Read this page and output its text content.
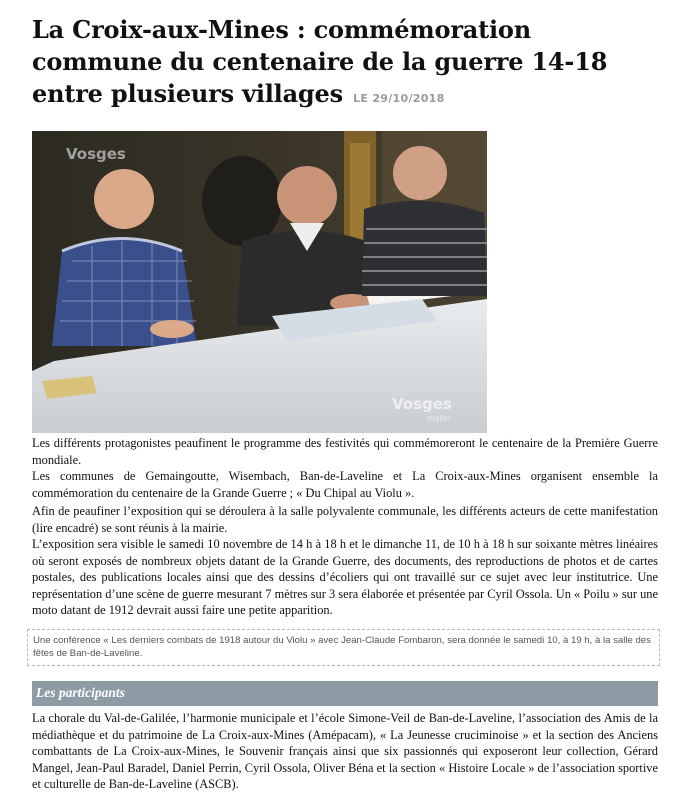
La Croix-aux-Mines : commémoration commune du centenaire de la guerre 14-18 entre plusieurs villages LE 29/10/2018
Vosges
Vosges
matin

Les différents protagonistes peaufinent le programme des festivités qui commémoreront le centenaire de la Première Guerre mondiale.

Les communes de Gemaingoutte, Wisembach, Ban-de-Laveline et La Croix-aux-Mines organisent ensemble la commémoration du centenaire de la Grande Guerre ; « Du Chipal au Violu ».

Afin de peaufiner l’exposition qui se déroulera à la salle polyvalente communale, les différents acteurs de cette manifestation (lire encadré) se sont réunis à la mairie.

L’exposition sera visible le samedi 10 novembre de 14 h à 18 h et le dimanche 11, de 10 h à 18 h sur soixante mètres linéaires où seront exposés de nombreux objets datant de la Grande Guerre, des documents, des reproductions de photos et de cartes postales, des publications locales ainsi que des dessins d’écoliers qui ont travaillé sur ce sujet avec leur institutrice. Une représentation d’une scène de guerre mesurant 7 mètres sur 3 sera élaborée et présentée par Cyril Ossola. Un « Poilu » sur une moto datant de 1912 devrait aussi faire une petite apparition.

Une conférence « Les derniers combats de 1918 autour du Violu » avec Jean-Claude Fombaron, sera donnée le samedi 10, à 19 h, à la salle des fêtes de Ban-de-Laveline.

Les participants

La chorale du Val-de-Galilée, l’harmonie municipale et l’école Simone-Veil de Ban-de-Laveline, l’association des Amis de la médiathèque et du patrimoine de La Croix-aux-Mines (Amépacam), « La Jeunesse cruciminoise » et la section des Anciens combattants de La Croix-aux-Mines, le Souvenir français ainsi que six passionnés qui exposeront leur collection, Gérard Mangel, Jean-Paul Baradel, Daniel Perrin, Cyril Ossola, Oliver Béna et la section « Histoire Locale » de l’association sportive et culturelle de Ban-de-Laveline (ASCB).
